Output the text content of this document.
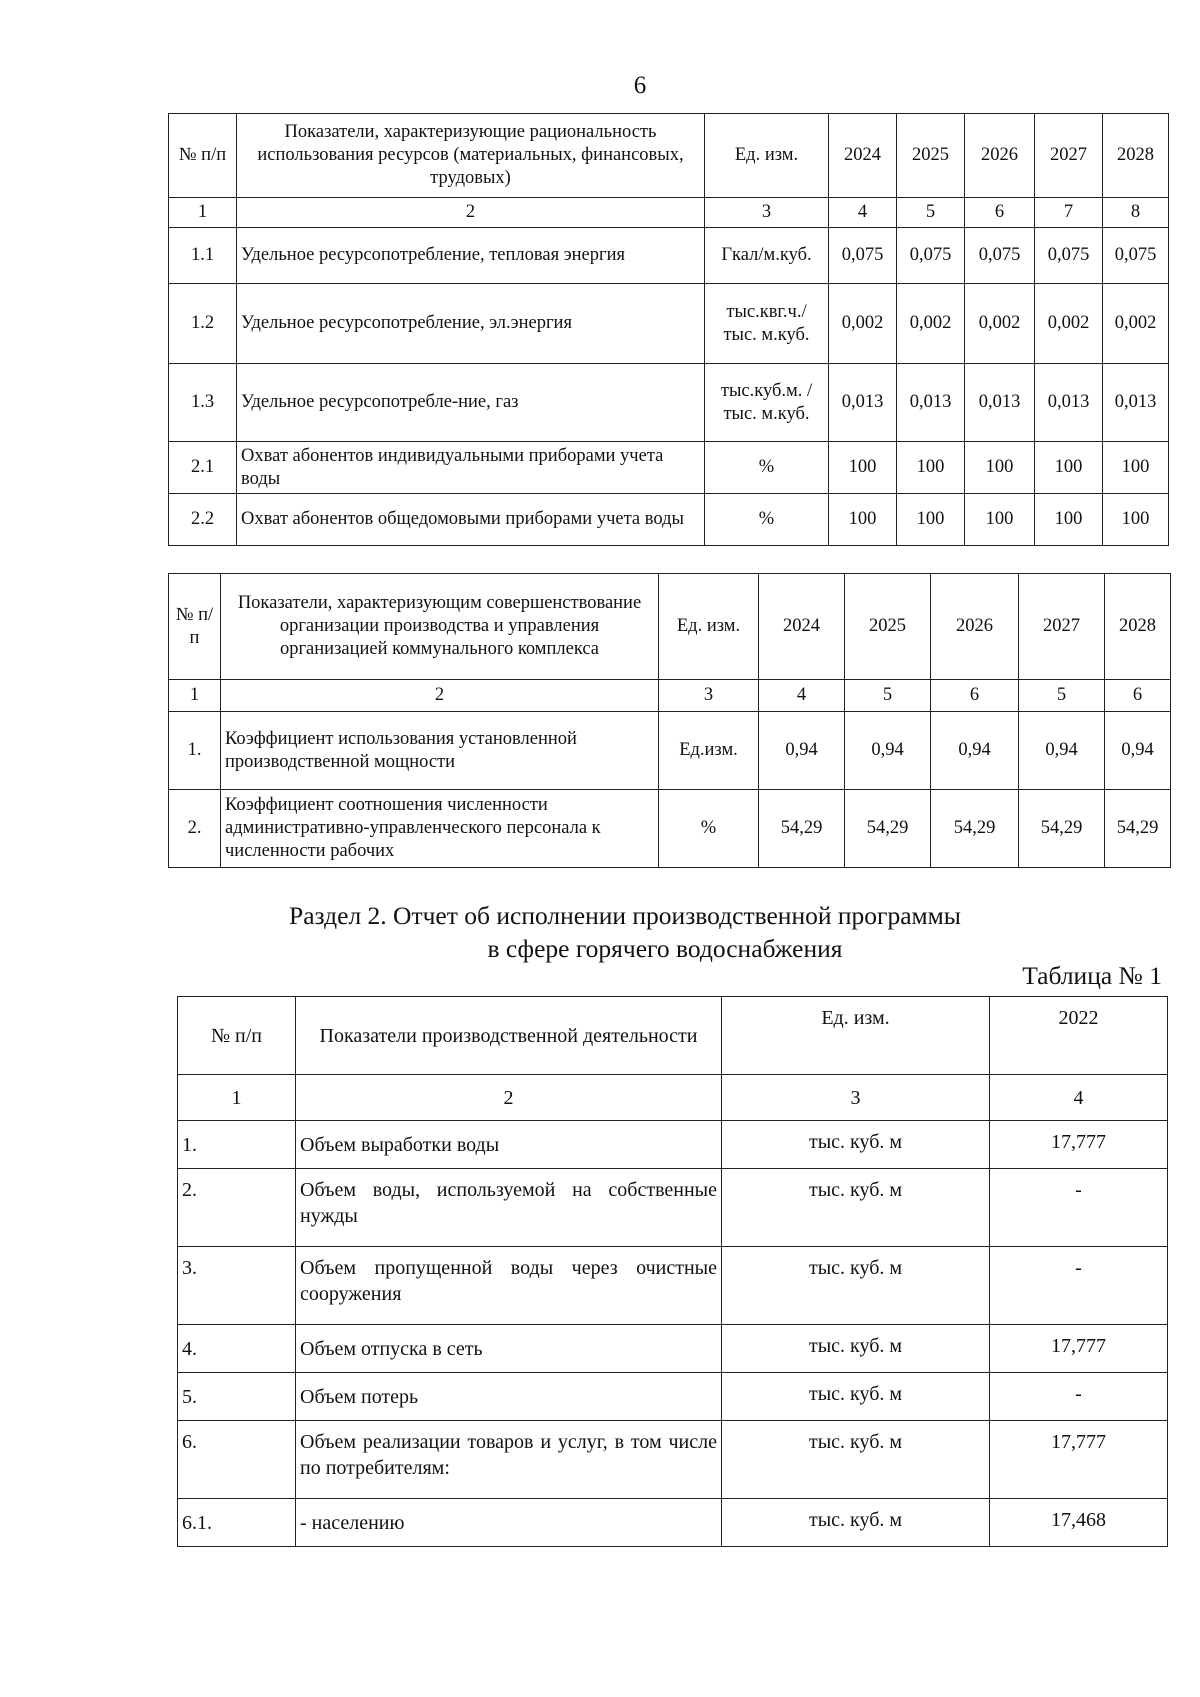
6
№ п/п	Показатели, характеризующие рациональность использования ресурсов (материальных, финансовых, трудовых)	Ед. изм.	2024	2025	2026	2027	2028
1	2	3	4	5	6	7	8
1.1	Удельное ресурсопотребление, тепловая энергия	Гкал/м.куб.	0,075	0,075	0,075	0,075	0,075
1.2	Удельное ресурсопотребление, эл.энергия	тыс.квг.ч./ тыс. м.куб.	0,002	0,002	0,002	0,002	0,002
1.3	Удельное ресурсопотребле-ние, газ	тыс.куб.м. / тыс. м.куб.	0,013	0,013	0,013	0,013	0,013
2.1	Охват абонентов индивидуальными приборами учета воды	%	100	100	100	100	100
2.2	Охват абонентов общедомовыми приборами учета воды	%	100	100	100	100	100
№ п/ п	Показатели, характеризующим совершенствование организации производства и управления организацией коммунального комплекса	Ед. изм.	2024	2025	2026	2027	2028
1	2	3	4	5	6	5	6
1.	Коэффициент использования установленной производственной мощности	Ед.изм.	0,94	0,94	0,94	0,94	0,94
2.	Коэффициент соотношения численности административно-управленческого персонала к численности рабочих	%	54,29	54,29	54,29	54,29	54,29
Раздел 2. Отчет об исполнении производственной программы
в сфере горячего водоснабжения
Таблица № 1
№ п/п	Показатели производственной деятельности	Ед. изм.	2022
1	2	3	4
1.	Объем выработки воды	тыс. куб. м	17,777
2.	Объем воды, используемой на собственные нужды	тыс. куб. м	-
3.	Объем пропущенной воды через очистные сооружения	тыс. куб. м	-
4.	Объем отпуска в сеть	тыс. куб. м	17,777
5.	Объем потерь	тыс. куб. м	-
6.	Объем реализации товаров и услуг, в том числе по потребителям:	тыс. куб. м	17,777
6.1.	- населению	тыс. куб. м	17,468
